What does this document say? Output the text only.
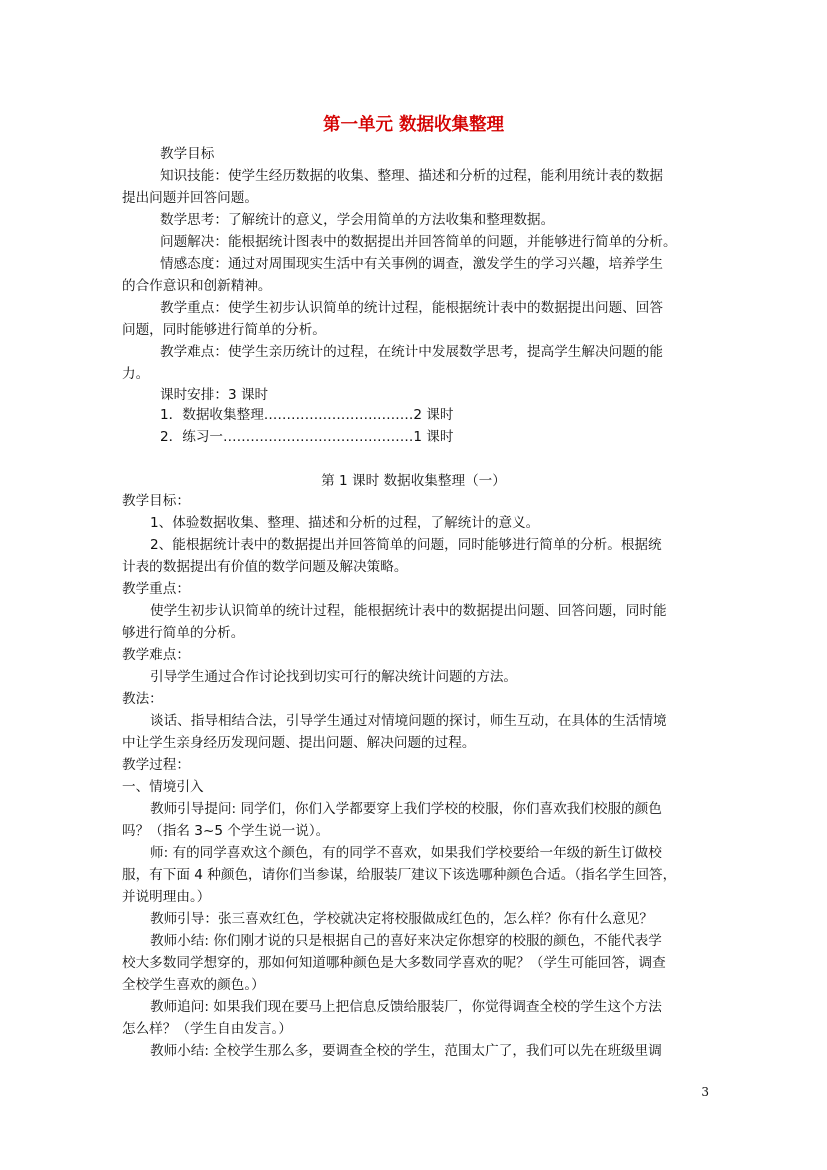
第一单元 数据收集整理
教学目标
知识技能：使学生经历数据的收集、整理、描述和分析的过程，能利用统计表的数据
提出问题并回答问题。
数学思考：了解统计的意义，学会用简单的方法收集和整理数据。
问题解决：能根据统计图表中的数据提出并回答简单的问题，并能够进行简单的分析。
情感态度：通过对周围现实生活中有关事例的调查，激发学生的学习兴趣，培养学生
的合作意识和创新精神。
教学重点：使学生初步认识简单的统计过程，能根据统计表中的数据提出问题、回答
问题，同时能够进行简单的分析。
教学难点：使学生亲历统计的过程，在统计中发展数学思考，提高学生解决问题的能
力。
课时安排：3 课时
1．数据收集整理……………………………2 课时
2．练习一……………………………………1 课时
第 1 课时 数据收集整理（一）
教学目标：
1、体验数据收集、整理、描述和分析的过程，了解统计的意义。
2、能根据统计表中的数据提出并回答简单的问题，同时能够进行简单的分析。根据统
计表的数据提出有价值的数学问题及解决策略。
教学重点：
使学生初步认识简单的统计过程，能根据统计表中的数据提出问题、回答问题，同时能
够进行简单的分析。
教学难点：
引导学生通过合作讨论找到切实可行的解决统计问题的方法。
教法：
谈话、指导相结合法，引导学生通过对情境问题的探讨，师生互动，在具体的生活情境
中让学生亲身经历发现问题、提出问题、解决问题的过程。
教学过程：
一、情境引入
教师引导提问: 同学们，你们入学都要穿上我们学校的校服，你们喜欢我们校服的颜色
吗？（指名 3~5 个学生说一说）。
师: 有的同学喜欢这个颜色，有的同学不喜欢，如果我们学校要给一年级的新生订做校
服，有下面 4 种颜色，请你们当参谋，给服装厂建议下该选哪种颜色合适。（指名学生回答，
并说明理由。）
教师引导：张三喜欢红色，学校就决定将校服做成红色的，怎么样？你有什么意见？
教师小结: 你们刚才说的只是根据自己的喜好来决定你想穿的校服的颜色，不能代表学
校大多数同学想穿的，那如何知道哪种颜色是大多数同学喜欢的呢？（学生可能回答，调查
全校学生喜欢的颜色。）
教师追问: 如果我们现在要马上把信息反馈给服装厂，你觉得调查全校的学生这个方法
怎么样？（学生自由发言。）
教师小结: 全校学生那么多，要调查全校的学生，范围太广了，我们可以先在班级里调
3
